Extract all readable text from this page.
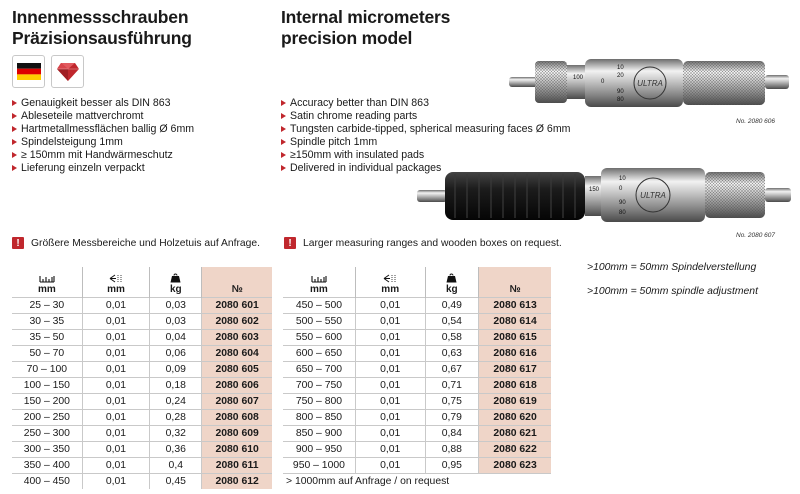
Innenmessschrauben
Präzisionsausführung
Internal micrometers
precision model
Genauigkeit besser als DIN 863
Ableseteile mattverchromt
Hartmetallmessflächen ballig Ø 6mm
Spindelsteigung 1mm
≥ 150mm mit Handwärmeschutz
Lieferung einzeln verpackt
Accuracy better than DIN 863
Satin chrome reading parts
Tungsten carbide-tipped, spherical measuring faces Ø 6mm
Spindle pitch 1mm
≥150mm with insulated pads
Delivered in individual packages
ULTRA
100
0
10
20
90
80
No. 2080 606
ULTRA
150	0
10
90
80
No. 2080 607
!	Größere Messbereiche und Holzetuis auf Anfrage.	!	Larger measuring ranges and wooden boxes on request.
>100mm = 50mm Spindelverstellung
>100mm = 50mm spindle adjustment
mm	mm	kg	№
25 – 30	0,01	0,03	2080 601
30 – 35	0,01	0,03	2080 602
35 – 50	0,01	0,04	2080 603
50 – 70	0,01	0,06	2080 604
70 – 100	0,01	0,09	2080 605
100 – 150	0,01	0,18	2080 606
150 – 200	0,01	0,24	2080 607
200 – 250	0,01	0,28	2080 608
250 – 300	0,01	0,32	2080 609
300 – 350	0,01	0,36	2080 610
350 – 400	0,01	0,4	2080 611
400 – 450	0,01	0,45	2080 612
mm	mm	kg	№
450 – 500	0,01	0,49	2080 613
500 – 550	0,01	0,54	2080 614
550 – 600	0,01	0,58	2080 615
600 – 650	0,01	0,63	2080 616
650 – 700	0,01	0,67	2080 617
700 – 750	0,01	0,71	2080 618
750 – 800	0,01	0,75	2080 619
800 – 850	0,01	0,79	2080 620
850 – 900	0,01	0,84	2080 621
900 – 950	0,01	0,88	2080 622
950 – 1000	0,01	0,95	2080 623
> 1000mm auf Anfrage / on request			
